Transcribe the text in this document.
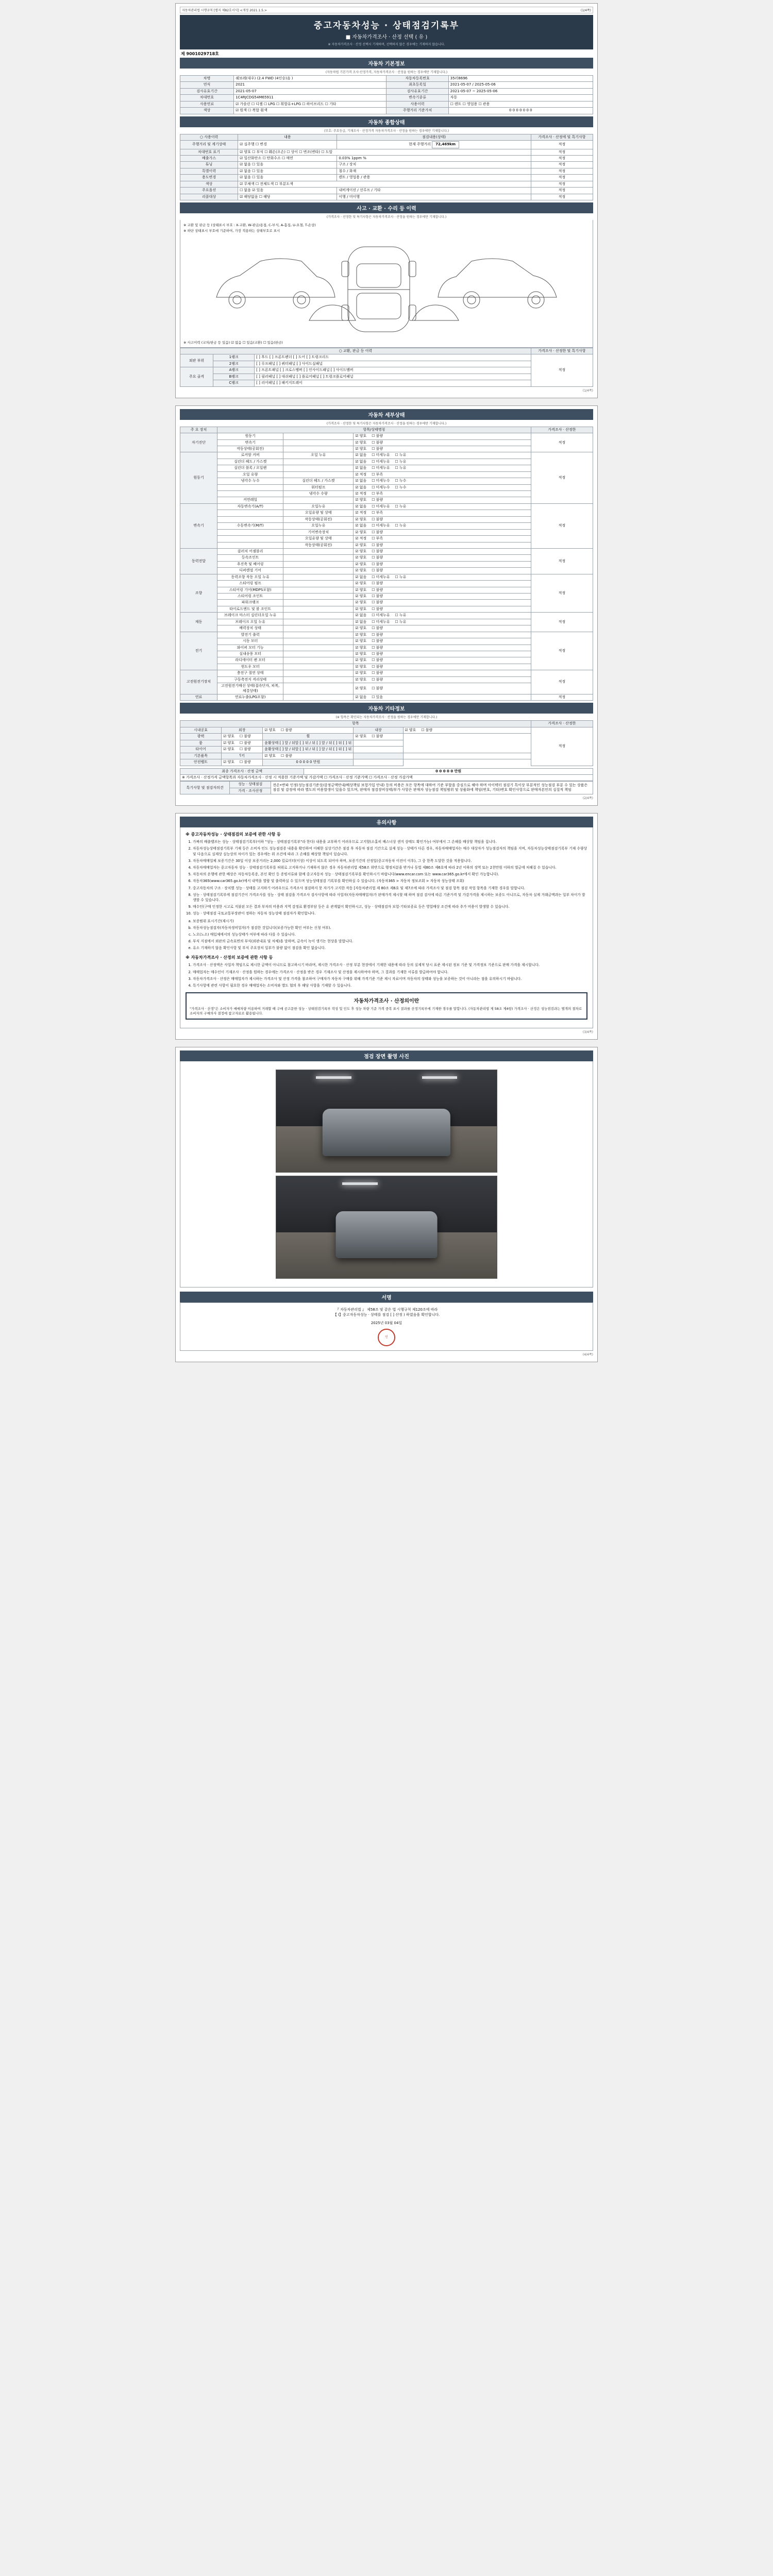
자동차관리법 시행규칙 [별지 제82호서식] <개정 2021.1.5.>	(1/4쪽)
중고자동차성능 · 상태점검기록부
■ 자동차가격조사 · 산정 선택 ( 유 )
※ 자동차가격조사 · 산정 선택시 기재하며, 선택하지 않은 경우에는 기재하지 않습니다.
제 9001029718호
자동차 기본정보
(자동차법 기본가격 조사·산정가격, 자동차가격조사 · 산정을 원하는 경우에만 기재합니다.)
차명	쉐보레(대우) (2.4 FWD (4인승)음 )	자동차등록번호	35러8696
연식	2021	최초등록일	2021-05-07 / 2025-05-06
검사유효기간	2021-05-07	검사유효기간	2021-05-07 ~ 2025-05-06
차대번호	1C4RJCDG54M65911	변속기종류	자동
사용연료	☑ 가솔린 ☐ 디젤 ☐ LPG ☐ 휘발유+LPG ☐ 하이브리드 ☐ 기타	사용이력	☐ 렌트 ☐ 영업용 ☐ 관용
색상	☑ 원색 ☐ 복합 흰색	주행거리 기준가치	0 0 0 0 0 0 0
자동차 종합상태
(부호: 주요등급, 기재조사 · 산정가격 자동차가격조사 · 산정을 원하는 경우에만 기재합니다.)
○ 사용이력	내용	점검내용(상태)	가격조사 · 산정에 및 특기사항
주행거리 및 계기상태	☑ 실주행 ☐ 변경	현재 주행거리 72,469km	적정
차대번호 표기	☑ 양호 ☐ 부식 ☐ 훼손(오손) ☐ 상이 ☐ 변조(변타) ☐ 도말		적정
배출가스	☑ 일산화탄소 ☐ 탄화수소 ☐ 매연	0.03% 1ppm %	적정
튜닝	☑ 없음 ☐ 있음	구조 / 장치	적정
특별이력	☑ 없음 ☐ 있음	침수 / 화재	적정
용도변경	☑ 없음 ☐ 있음	렌트 / 영업용 / 관용	적정
색상	☑ 무채색 ☐ 전체도색 ☐ 부분도색		적정
주요옵션	☐ 없음 ☑ 있음	내비게이션 / 선루프 / 기타	적정
리콜대상	☑ 해당없음 ☐ 해당	이행 / 미이행	적정
사고 · 교환 · 수리 등 이력
(가격조사 · 산정한 및 특기사항은 자동차가격조사 · 산정을 원하는 경우에만 기재합니다.)
※ 교환 및 판금 등 (상태표시 부호 : X-교환, W-판금/용접, C-부식, A-흠집, U-요철, T-손상)
※ 하단 상태표시 부호에 기준하여, 가장 적용하는 상태부호로 표시
※ 사고이력 (교차/판금 등 있음) ☑ 없음 ☐ 있음(교환) ☐ 있음(판금)
○ 교환, 판금 등 이력			가격조사 · 산정한 및 특기사항
외판 부위	1랭크	[ ] 후드 [ ] 프론트펜더 [ ] 도어 [ ] 트렁크리드	적정
	2랭크	[ ] 루프패널 [ ] 쿼터패널 [ ] 사이드실패널	
주요 골격	A랭크	[ ] 프론트패널 [ ] 크로스멤버 [ ] 인사이드패널 [ ] 사이드멤버	
	B랭크	[ ] 필러패널 [ ] 대쉬패널 [ ] 플로어패널 [ ] 트렁크플로어패널	
	C랭크	[ ] 리어패널 [ ] 패키지트레이	
(1/4쪽)
자동차 세부상태
(가격조사 · 산정한 및 특기사항은 자동차가격조사 · 산정을 원하는 경우에만 기재합니다.)
주 요 장치	항목/상태명칭			가격조사 · 산정한
자기진단	원동기		☑ 양호 ☐ 불량	적정
	변속기		☑ 양호 ☐ 불량
	작동상태(공회전)		☑ 양호 ☐ 불량
원동기	로커암 커버	오일 누유	☑ 없음 ☐ 미세누유 ☐ 누유	적정
	실린더 헤드 / 가스켓		☑ 없음 ☐ 미세누유 ☐ 누유
	실린더 블록 / 오일팬		☑ 없음 ☐ 미세누유 ☐ 누유
	오일 유량		☑ 적정 ☐ 부족
	냉각수 누수	실린더 헤드 / 가스켓	☑ 없음 ☐ 미세누수 ☐ 누수
		워터펌프	☑ 없음 ☐ 미세누수 ☐ 누수
		냉각수 수량	☑ 적정 ☐ 부족
	커먼레일		☑ 양호 ☐ 불량
변속기	자동변속기(A/T)	오일누유	☑ 없음 ☐ 미세누유 ☐ 누유	적정
		오일유량 및 상태	☑ 적정 ☐ 부족
		작동상태(공회전)	☑ 양호 ☐ 불량
	수동변속기(M/T)	오일누유	☑ 없음 ☐ 미세누유 ☐ 누유
		기어변속장치	☑ 양호 ☐ 불량
		오일유량 및 상태	☑ 적정 ☐ 부족
		작동상태(공회전)	☑ 양호 ☐ 불량
동력전달	클러치 어셈블리		☑ 양호 ☐ 불량	적정
	등속조인트		☑ 양호 ☐ 불량
	추진축 및 베어링		☑ 양호 ☐ 불량
	디퍼렌셜 기어		☑ 양호 ☐ 불량
조향	동력조향 작동 오일 누유		☑ 없음 ☐ 미세누유 ☐ 누유	적정
	스티어링 펌프		☑ 양호 ☐ 불량
	스티어링 기어(MDPS포함)		☑ 양호 ☐ 불량
	스티어링 조인트		☑ 양호 ☐ 불량
	파워크랭크		☑ 양호 ☐ 불량
	타이로드엔드 및 볼 조인트		☑ 양호 ☐ 불량
제동	브레이크 마스터 실린더오일 누유		☑ 없음 ☐ 미세누유 ☐ 누유	적정
	브레이크 오일 누유		☑ 없음 ☐ 미세누유 ☐ 누유
	배력장치 상태		☑ 양호 ☐ 불량
전기	발전기 출력		☑ 양호 ☐ 불량	적정
	시동 모터		☑ 양호 ☐ 불량
	와이퍼 모터 기능		☑ 양호 ☐ 불량
	실내송풍 모터		☑ 양호 ☐ 불량
	라디에이터 팬 모터		☑ 양호 ☐ 불량
	윈도우 모터		☑ 양호 ☐ 불량
고전원전기장치	충전구 절연 상태		☑ 양호 ☐ 불량	적정
	구동축전지 격리상태		☑ 양호 ☐ 불량
	고전원전기배선 상태(접속단자, 피복, 체결상태)		☑ 양호 ☐ 불량
연료	연료누출(LPG포함)		☑ 없음 ☐ 있음	적정
자동차 기타정보
(※ 항목은 확인되는 자동차가격조사 · 산정을 원하는 경우에만 기재합니다.)
항목					가격조사 · 산정한
시내공효	외장	☑ 양호 ☐ 불량	내장	☑ 양호 ☐ 불량	적정
광택	☑ 양호 ☐ 불량	휠	☑ 양호 ☐ 불량
룸	☑ 양호 ☐ 불량	윤활상태 [ ] 앞 / 뒤앞 [ ] 뒤 / 뒤 [ ] 앞 / 뒤 [ ] 뒤 [ ] 뒤			
타이어	☑ 양호 ☐ 불량	윤활상태 [ ] 앞 / 뒤앞 [ ] 뒤 / 뒤 [ ] 앞 / 뒤 [ ] 뒤 [ ] 뒤			
기본품목	؟키	☑ 양호 ☐ 불량		
안전벨트	☑ 양호 ☐ 불량	0 0 0 0 0 만원			
최종 가격조사 · 산정 금액	0 0 0 0 0 만원
※ 가격조사 · 산정가격 금액항목과 자동차가격조사 · 산정 시 적용한 기준가액 및 가감가액 ☐ 가격조사 · 산정 기준가액 ☐ 가격조사 · 산정 가감가액
특기사항 및 점검자의견	성능 · 상태점검	전손•반파 인정(성능점검기준상/감정금액안내/배상책임 보험가입 안내) 등의 비용은 모든 항목에 대하여 기준 부합을 중심으로 해야 하며 아이텍터 점검기 특이상 부분적인 성능점검 부분 수 있는 상품은 점검 및 감정에 따라 별도의 비용발생이 있을수 있으며, 판매자 점검장비상태/부가 사항은 판매자 성능점검 책임범위 및 상품화에 책임(번호, 기타)변호 확인사항으로 판매자본인의 실질적 책임
가격 · 조사산정
(2/4쪽)
유의사항
※ 중고자동차성능 · 상태점검의 보증에 관한 사항 등
1. 가짜의 배출밸브는 성능 · 상태점검기록부(이하 "성능 · 상태점검기록부"라 한다) 내용을 교부하기 어려우므로 고지할(소홀히 배스너상 샌지 상태도 확인가능) 여부에서 그 손해를 배상할 책임을 집니다.
2. 자동차성능상태점검기록부 기재 등은 소비자 인도 성능점검증 내용을 확인하여 이해한 실상기간은 점검 후 자동차 점검 기간으로 실제 성능 · 상태가 다른 경우, 자동차매매업자는 매수 대상자가 성능점검자의 책임을 지며, 자동차성능상태점검기록부 기재 수량상 및 다음으로 실제상 실능상의 차이가 있는 경우에는 위 조건에 따라 그 손해를 배상할 책임이 있습니다.
3. 자동차매매업체 보증기간은 30일 이상 보증거리는 2,000 킬로미터(이상) 이상이 되도록 되어야 하며, 보증기간의 산정일(중고자동차 이전이 이후), 그 중 한쪽 도달한 것을 적용합니다.
4. 자동차매매업자는 중고자동차 성능 · 상태점검기록부를 허위로 고지하거나 기재하지 않은 경우 자동차관리법 제58조 위반으로 행정처분을 받거나 동법 제80조 제6호에 따라 2년 이하의 징역 또는 2천만원 이하의 벌금에 처해질 수 있습니다.
5. 자동차의 운행에 관한 배상은 자동차등록증, 본인 확인 등 증빙서류와 함께 중고자동차 성능 · 상태점검기록부를 확인하시기 바랍니다(www.encar.com 또는 www.car365.go.kr에서 확인 가능합니다).
6. 자동차365(www.car365.go.kr)에서 내역을 열람 및 출력하실 수 있으며 성능상태점검 기록부를 확인하실 수 있습니다. (자동차365 > 자동차 정보조회 > 자동차 성능상태 조회)
7. 중고자동차의 구조 · 장치별 성능 · 상태를 고지하기 어려우므로 가격조사 점검하지 못 자기가 고지한 작동 [자동차관리법 제 80조 제6호 및 제7조에 따라 가격조사 및 점검 항목 점검 작업 항목을 기재한 경우를 말합니다.
8. 성능 · 상태점검기록부에 점검기간이 가격조사를 성능 · 상태 점검을 가격조사 검사사항에 따라 사업자(자동차매매업자)가 판매가격 제시할 때 하며 점검 검사에 따른 기준가격 및 가감가격을 제시하는 보증도 아니므로, 자동차 실제 거래금액과는 일부 차이가 발생할 수 있습니다.
9. 매수인(구매 인정한 시고로 지불된 모든 결과 부차의 비용과 지역 감정료 환경부담 등은 유 관계없이 확인하시고, 성능 · 상태점검자 보험·기타보증료 등은 영업배상 조건에 따라 추가 비용이 발생할 수 있습니다.
10. 성능 · 상태점검 국토교통부장관이 정하는 자동차 성능상태 점검자가 확인합니다.
a. 보증범위 표시기간(제시기)
b. 자동차성능점검자(자동차정비업자)가 점검한 것입니다(보증가능한 확인 여부는 신청 여부).
c. 노오(노소) 매입체에서의 성능상태가 여부에 따라 다를 수 있습니다.
d. 부식 지점에서 외판의 금속표면의 부식(외판내표 및 차체)을 말하며, 금속이 녹이 생기는 현상을 말합니다.
e. 유소 기재하지 않음 확인사항 및 부식 주요장치 일부가 불량 없이 점검을 확인 없습니다.
※ 자동차가격조사 · 산정의 보증에 관한 사항 등
1. 가격조사 · 산정액은 사업자 책임으로 제시한 금액이 아니므로 참고하시기 바라며, 제시한 가격조사 · 산정 부분 현장에서 기재한 내용에 따라 등의 실제적 당시 표준 제시된 정보 기준 및 가격정보 기준으로 판매 가격을 제시합니다.
2. 매매업자는 매수인이 기재조사 · 산정을 원하는 경우에는 가격조사 · 산정을 받은 경우 기재조사 및 산정을 제시하여야 하며, 그 결과를 기재한 서류를 발급하여야 합니다.
3. 자동차가격조사 · 산정은 매매업자가 제시하는 가격조사 및 산정 가격을 참조하여 구매자가 자동차 구매를 위해 가격기준 기준 제시 자료이며 자동차의 상태와 성능을 보증하는 것이 아니라는 점을 유의하시기 바랍니다.
4. 특기사항에 관련 사항이 필요한 경우 매매업자는 소비자와 별도 협의 후 해당 사항을 기재할 수 있습니다.
자동차가격조사 · 산정의이란
"가격조사 · 산정"은 소비자가 매매차량 이용하여 거래할 때 구매 공고문한 성능 · 상태점검기록부 작성 및 인도 후 성능 차량 기준 가격 중복 표시 결과를 산정기록부에 기재한 경우를 말합니다. (자동차관리법 제 58조 제4항) 가격조사 · 산정은 성능점검과는 별개의 절차로 소비자의 구매의사 결정에 참고자료로 활용됩니다.
(3/4쪽)
점검 장면 촬영 사진
서명
『 자동차관리법 』 제58조 및 같은 법 시행규칙 제120조에 따라
【 Ⅰ】중고자동차성능 · 상태를 점검 [ ] 산정 ) 하였음을 확인합니다.
2025년 03월 04일
인
(4/4쪽)
